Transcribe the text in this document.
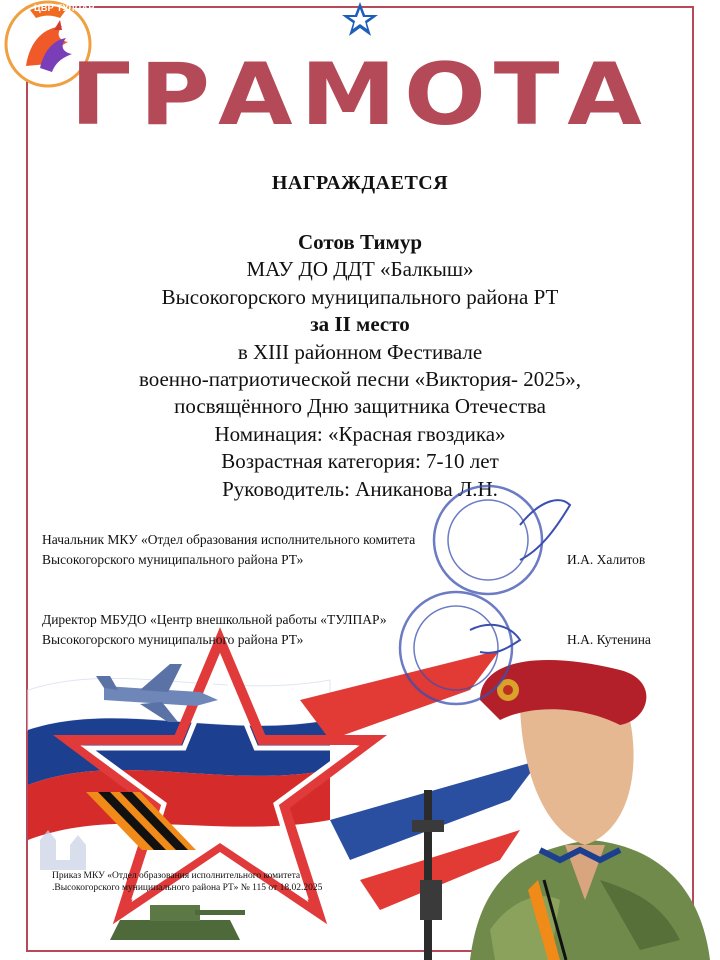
ЦВР ТУЛПАР
ГРАМОТА
НАГРАЖДАЕТСЯ
Сотов Тимур
МАУ ДО ДДТ «Балкыш»
Высокогорского муниципального района РТ
за II место
в XIII районном Фестивале
военно-патриотической песни «Виктория- 2025»,
посвящённого Дню защитника Отечества
Номинация: «Красная гвоздика»
Возрастная категория: 7-10 лет
Руководитель: Аниканова Л.Н.
Начальник МКУ «Отдел образования исполнительного комитета
Высокогорского муниципального района РТ»	И.А. Халитов
Директор МБУДО «Центр внешкольной работы «ТУЛПАР»
Высокогорского муниципального района РТ»	Н.А. Кутенина
Приказ МКУ «Отдел образования исполнительного комитета
.Высокогорского муниципального района РТ» № 115 от 18.02.2025
